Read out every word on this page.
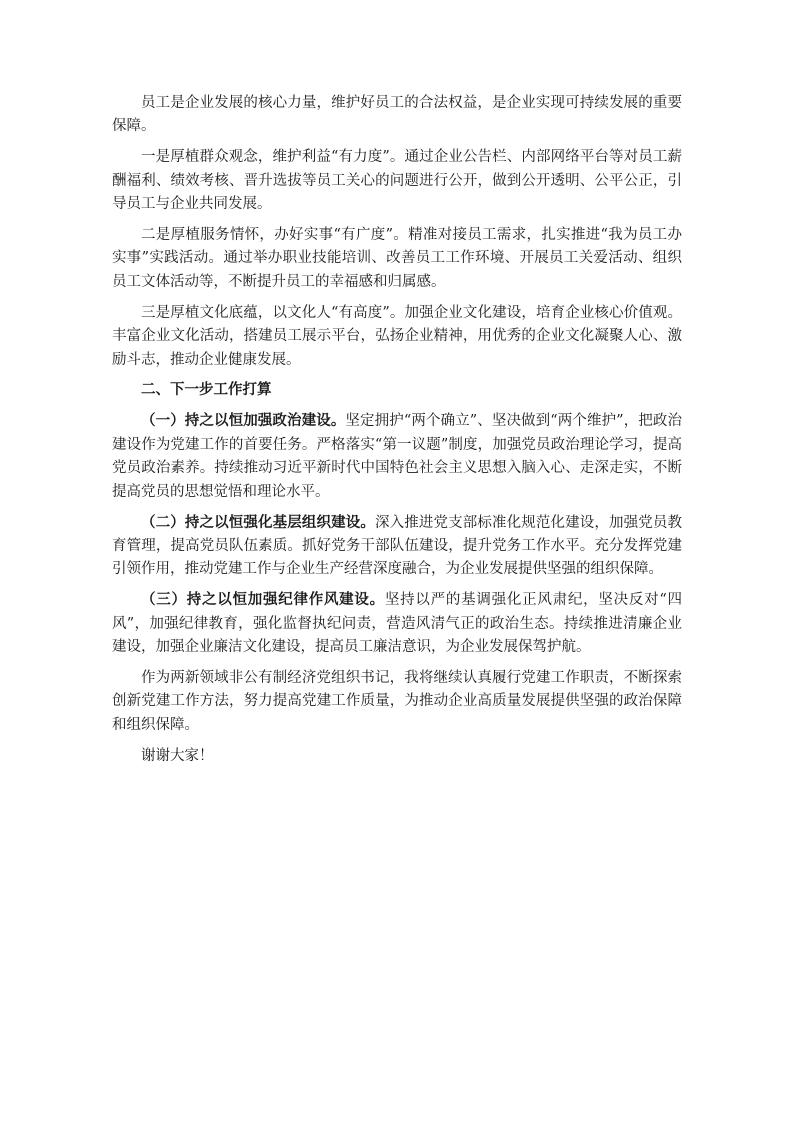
员工是企业发展的核心力量，维护好员工的合法权益，是企业实现可持续发展的重要保障。

一是厚植群众观念，维护利益“有力度”。通过企业公告栏、内部网络平台等对员工薪酬福利、绩效考核、晋升选拔等员工关心的问题进行公开，做到公开透明、公平公正，引导员工与企业共同发展。

二是厚植服务情怀，办好实事“有广度”。精准对接员工需求，扎实推进“我为员工办实事”实践活动。通过举办职业技能培训、改善员工工作环境、开展员工关爱活动、组织员工文体活动等，不断提升员工的幸福感和归属感。

三是厚植文化底蕴，以文化人“有高度”。加强企业文化建设，培育企业核心价值观。丰富企业文化活动，搭建员工展示平台，弘扬企业精神，用优秀的企业文化凝聚人心、激励斗志，推动企业健康发展。

二、下一步工作打算

（一）持之以恒加强政治建设。坚定拥护“两个确立”、坚决做到“两个维护”，把政治建设作为党建工作的首要任务。严格落实“第一议题”制度，加强党员政治理论学习，提高党员政治素养。持续推动习近平新时代中国特色社会主义思想入脑入心、走深走实，不断提高党员的思想觉悟和理论水平。

（二）持之以恒强化基层组织建设。深入推进党支部标准化规范化建设，加强党员教育管理，提高党员队伍素质。抓好党务干部队伍建设，提升党务工作水平。充分发挥党建引领作用，推动党建工作与企业生产经营深度融合，为企业发展提供坚强的组织保障。

（三）持之以恒加强纪律作风建设。坚持以严的基调强化正风肃纪，坚决反对“四风”，加强纪律教育，强化监督执纪问责，营造风清气正的政治生态。持续推进清廉企业建设，加强企业廉洁文化建设，提高员工廉洁意识，为企业发展保驾护航。

作为两新领域非公有制经济党组织书记，我将继续认真履行党建工作职责，不断探索创新党建工作方法，努力提高党建工作质量，为推动企业高质量发展提供坚强的政治保障和组织保障。

谢谢大家！
